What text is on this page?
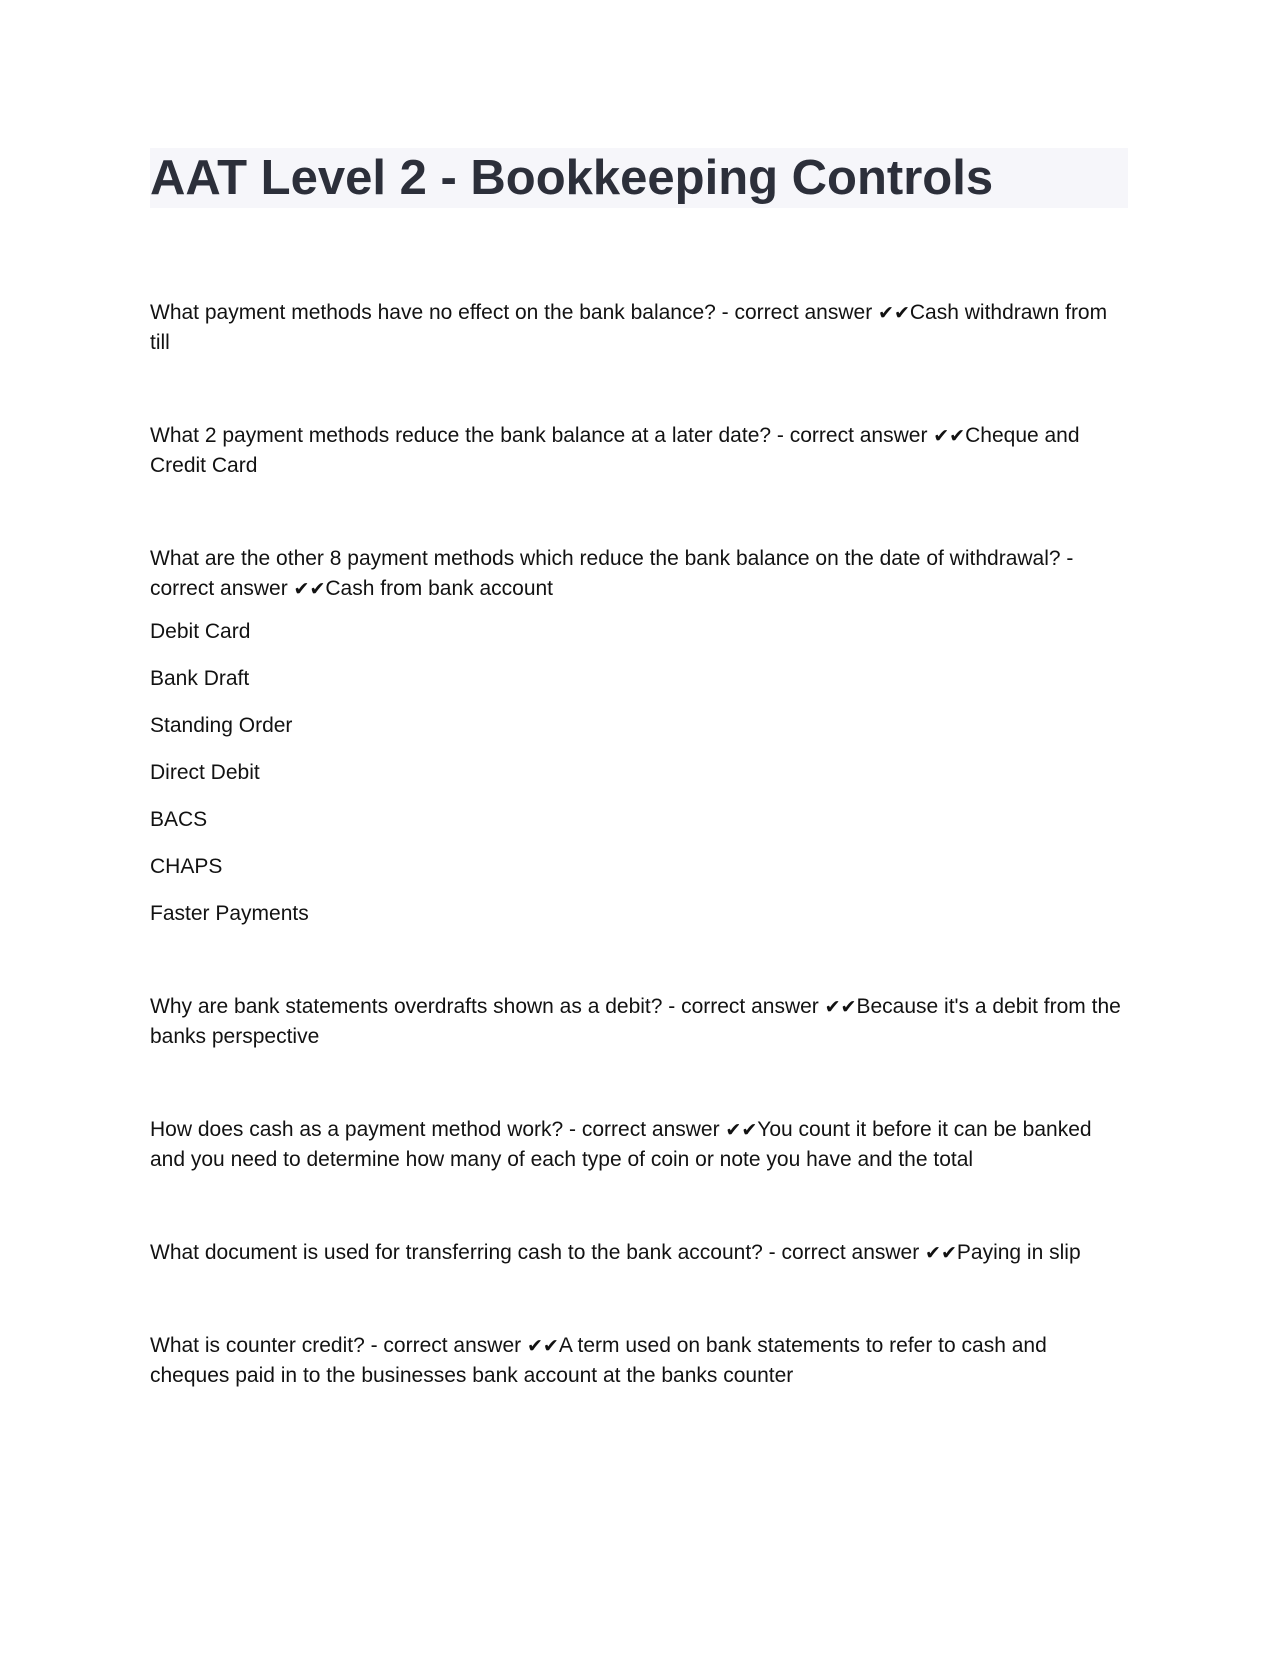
AAT Level 2 - Bookkeeping Controls

What payment methods have no effect on the bank balance? - correct answer ✔✔Cash withdrawn from till

What 2 payment methods reduce the bank balance at a later date? - correct answer ✔✔Cheque and Credit Card

What are the other 8 payment methods which reduce the bank balance on the date of withdrawal? - correct answer ✔✔Cash from bank account
Debit Card
Bank Draft
Standing Order
Direct Debit
BACS
CHAPS
Faster Payments

Why are bank statements overdrafts shown as a debit? - correct answer ✔✔Because it's a debit from the banks perspective

How does cash as a payment method work? - correct answer ✔✔You count it before it can be banked and you need to determine how many of each type of coin or note you have and the total

What document is used for transferring cash to the bank account? - correct answer ✔✔Paying in slip

What is counter credit? - correct answer ✔✔A term used on bank statements to refer to cash and cheques paid in to the businesses bank account at the banks counter
